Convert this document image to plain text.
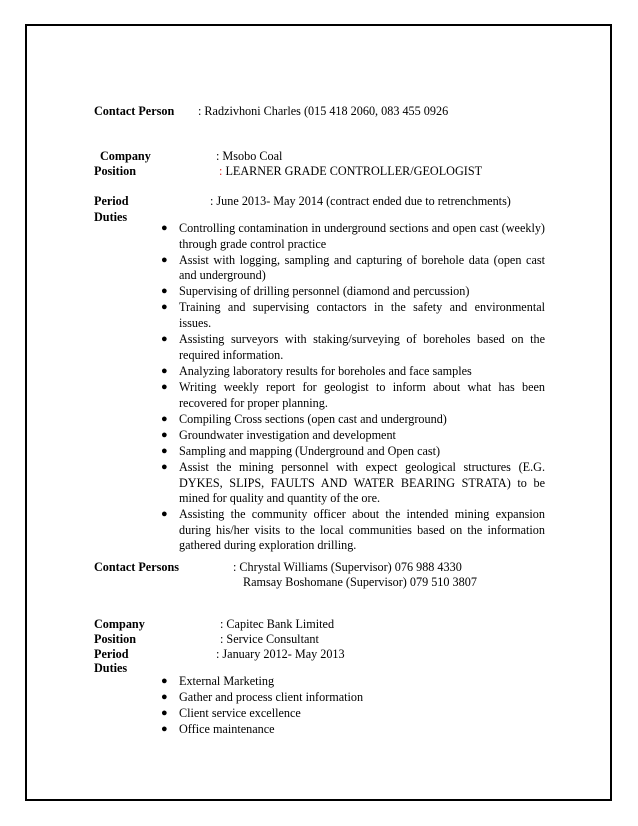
Contact Person : Radzivhoni Charles (015 418 2060, 083 455 0926
Company	: Msobo Coal
Position	: LEARNER GRADE CONTROLLER/GEOLOGIST
Period	: June 2013- May 2014 (contract ended due to retrenchments)
Duties
● Controlling contamination in underground sections and open cast (weekly) through grade control practice
● Assist with logging, sampling and capturing of borehole data (open cast and underground)
● Supervising of drilling personnel (diamond and percussion)
● Training and supervising contactors in the safety and environmental issues.
● Assisting surveyors with staking/surveying of boreholes based on the required information.
● Analyzing laboratory results for boreholes and face samples
● Writing weekly report for geologist to inform about what has been recovered for proper planning.
● Compiling Cross sections (open cast and underground)
● Groundwater investigation and development
● Sampling and mapping (Underground and Open cast)
● Assist the mining personnel with expect geological structures (E.G. DYKES, SLIPS, FAULTS AND WATER BEARING STRATA) to be mined for quality and quantity of the ore.
● Assisting the community officer about the intended mining expansion during his/her visits to the local communities based on the information gathered during exploration drilling.
Contact Persons	: Chrystal Williams (Supervisor) 076 988 4330
Ramsay Boshomane (Supervisor) 079 510 3807
Company	: Capitec Bank Limited
Position	: Service Consultant
Period	: January 2012- May 2013
Duties
● External Marketing
● Gather and process client information
● Client service excellence
● Office maintenance
